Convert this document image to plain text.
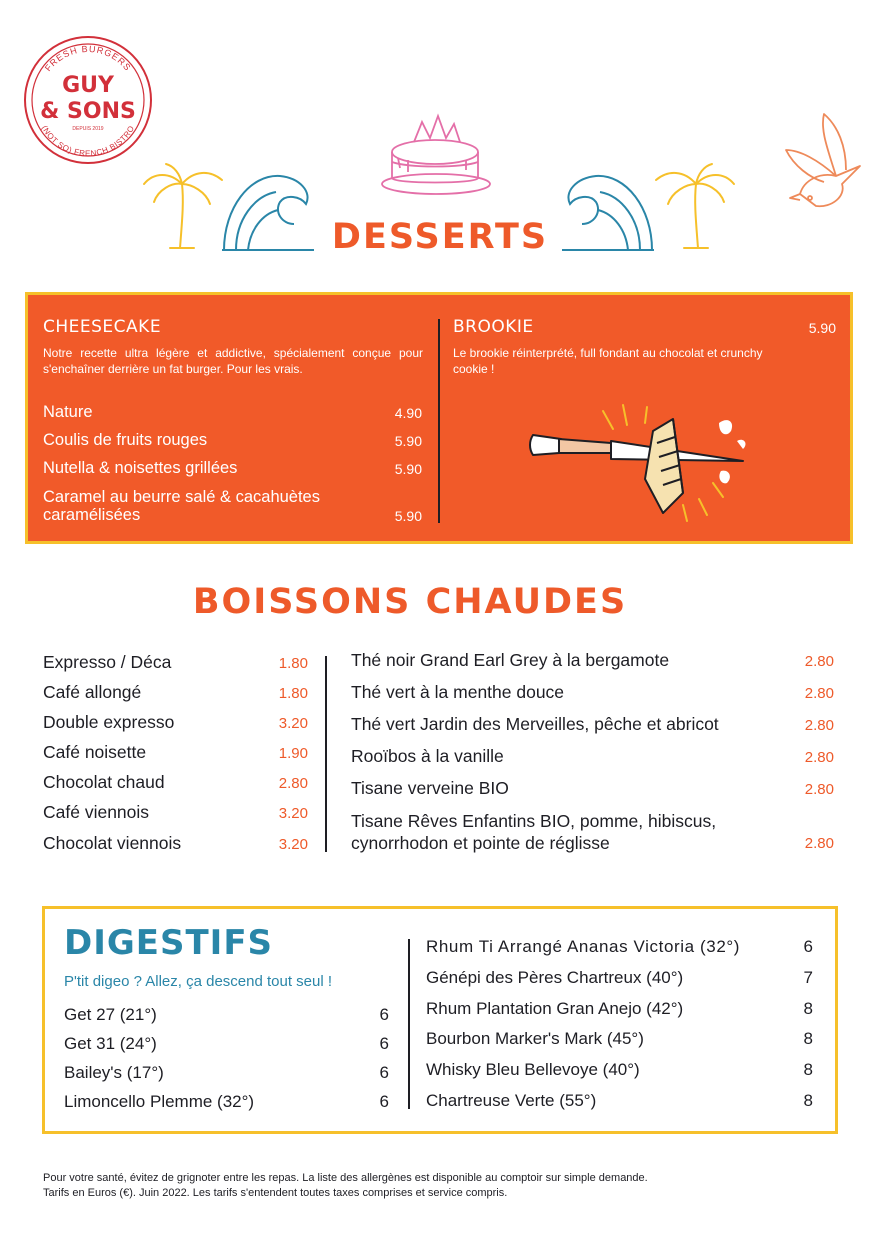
FRESH BURGERS
(NOT SO) FRENCH BISTRO
GUY
& SONS
DEPUIS 2019
DESSERTS
CHEESECAKE
Notre recette ultra légère et addictive, spécialement conçue pour s'enchaîner derrière un fat burger. Pour les vrais.
Nature	4.90
Coulis de fruits rouges	5.90
Nutella & noisettes grillées	5.90
Caramel au beurre salé & cacahuètes caramélisées	5.90
BROOKIE	5.90
Le brookie réinterprété, full fondant au chocolat et crunchy cookie !
BOISSONS CHAUDES
Expresso / Déca	1.80
Café allongé	1.80
Double expresso	3.20
Café noisette	1.90
Chocolat chaud	2.80
Café viennois	3.20
Chocolat viennois	3.20
Thé noir Grand Earl Grey à la bergamote	2.80
Thé vert à la menthe douce	2.80
Thé vert Jardin des Merveilles, pêche et abricot	2.80
Rooïbos à la vanille	2.80
Tisane verveine BIO	2.80
Tisane Rêves Enfantins BIO, pomme, hibiscus, cynorrhodon et pointe de réglisse	2.80
DIGESTIFS
P'tit digeo ? Allez, ça descend tout seul !
Get 27 (21°)	6
Get 31 (24°)	6
Bailey's (17°)	6
Limoncello Plemme (32°)	6
Rhum Ti Arrangé Ananas Victoria (32°)	6
Génépi des Pères Chartreux (40°)	7
Rhum Plantation Gran Anejo (42°)	8
Bourbon Marker's Mark (45°)	8
Whisky Bleu Bellevoye (40°)	8
Chartreuse Verte (55°)	8
Pour votre santé, évitez de grignoter entre les repas. La liste des allergènes est disponible au comptoir sur simple demande.
Tarifs en Euros (€). Juin 2022. Les tarifs s'entendent toutes taxes comprises et service compris.
